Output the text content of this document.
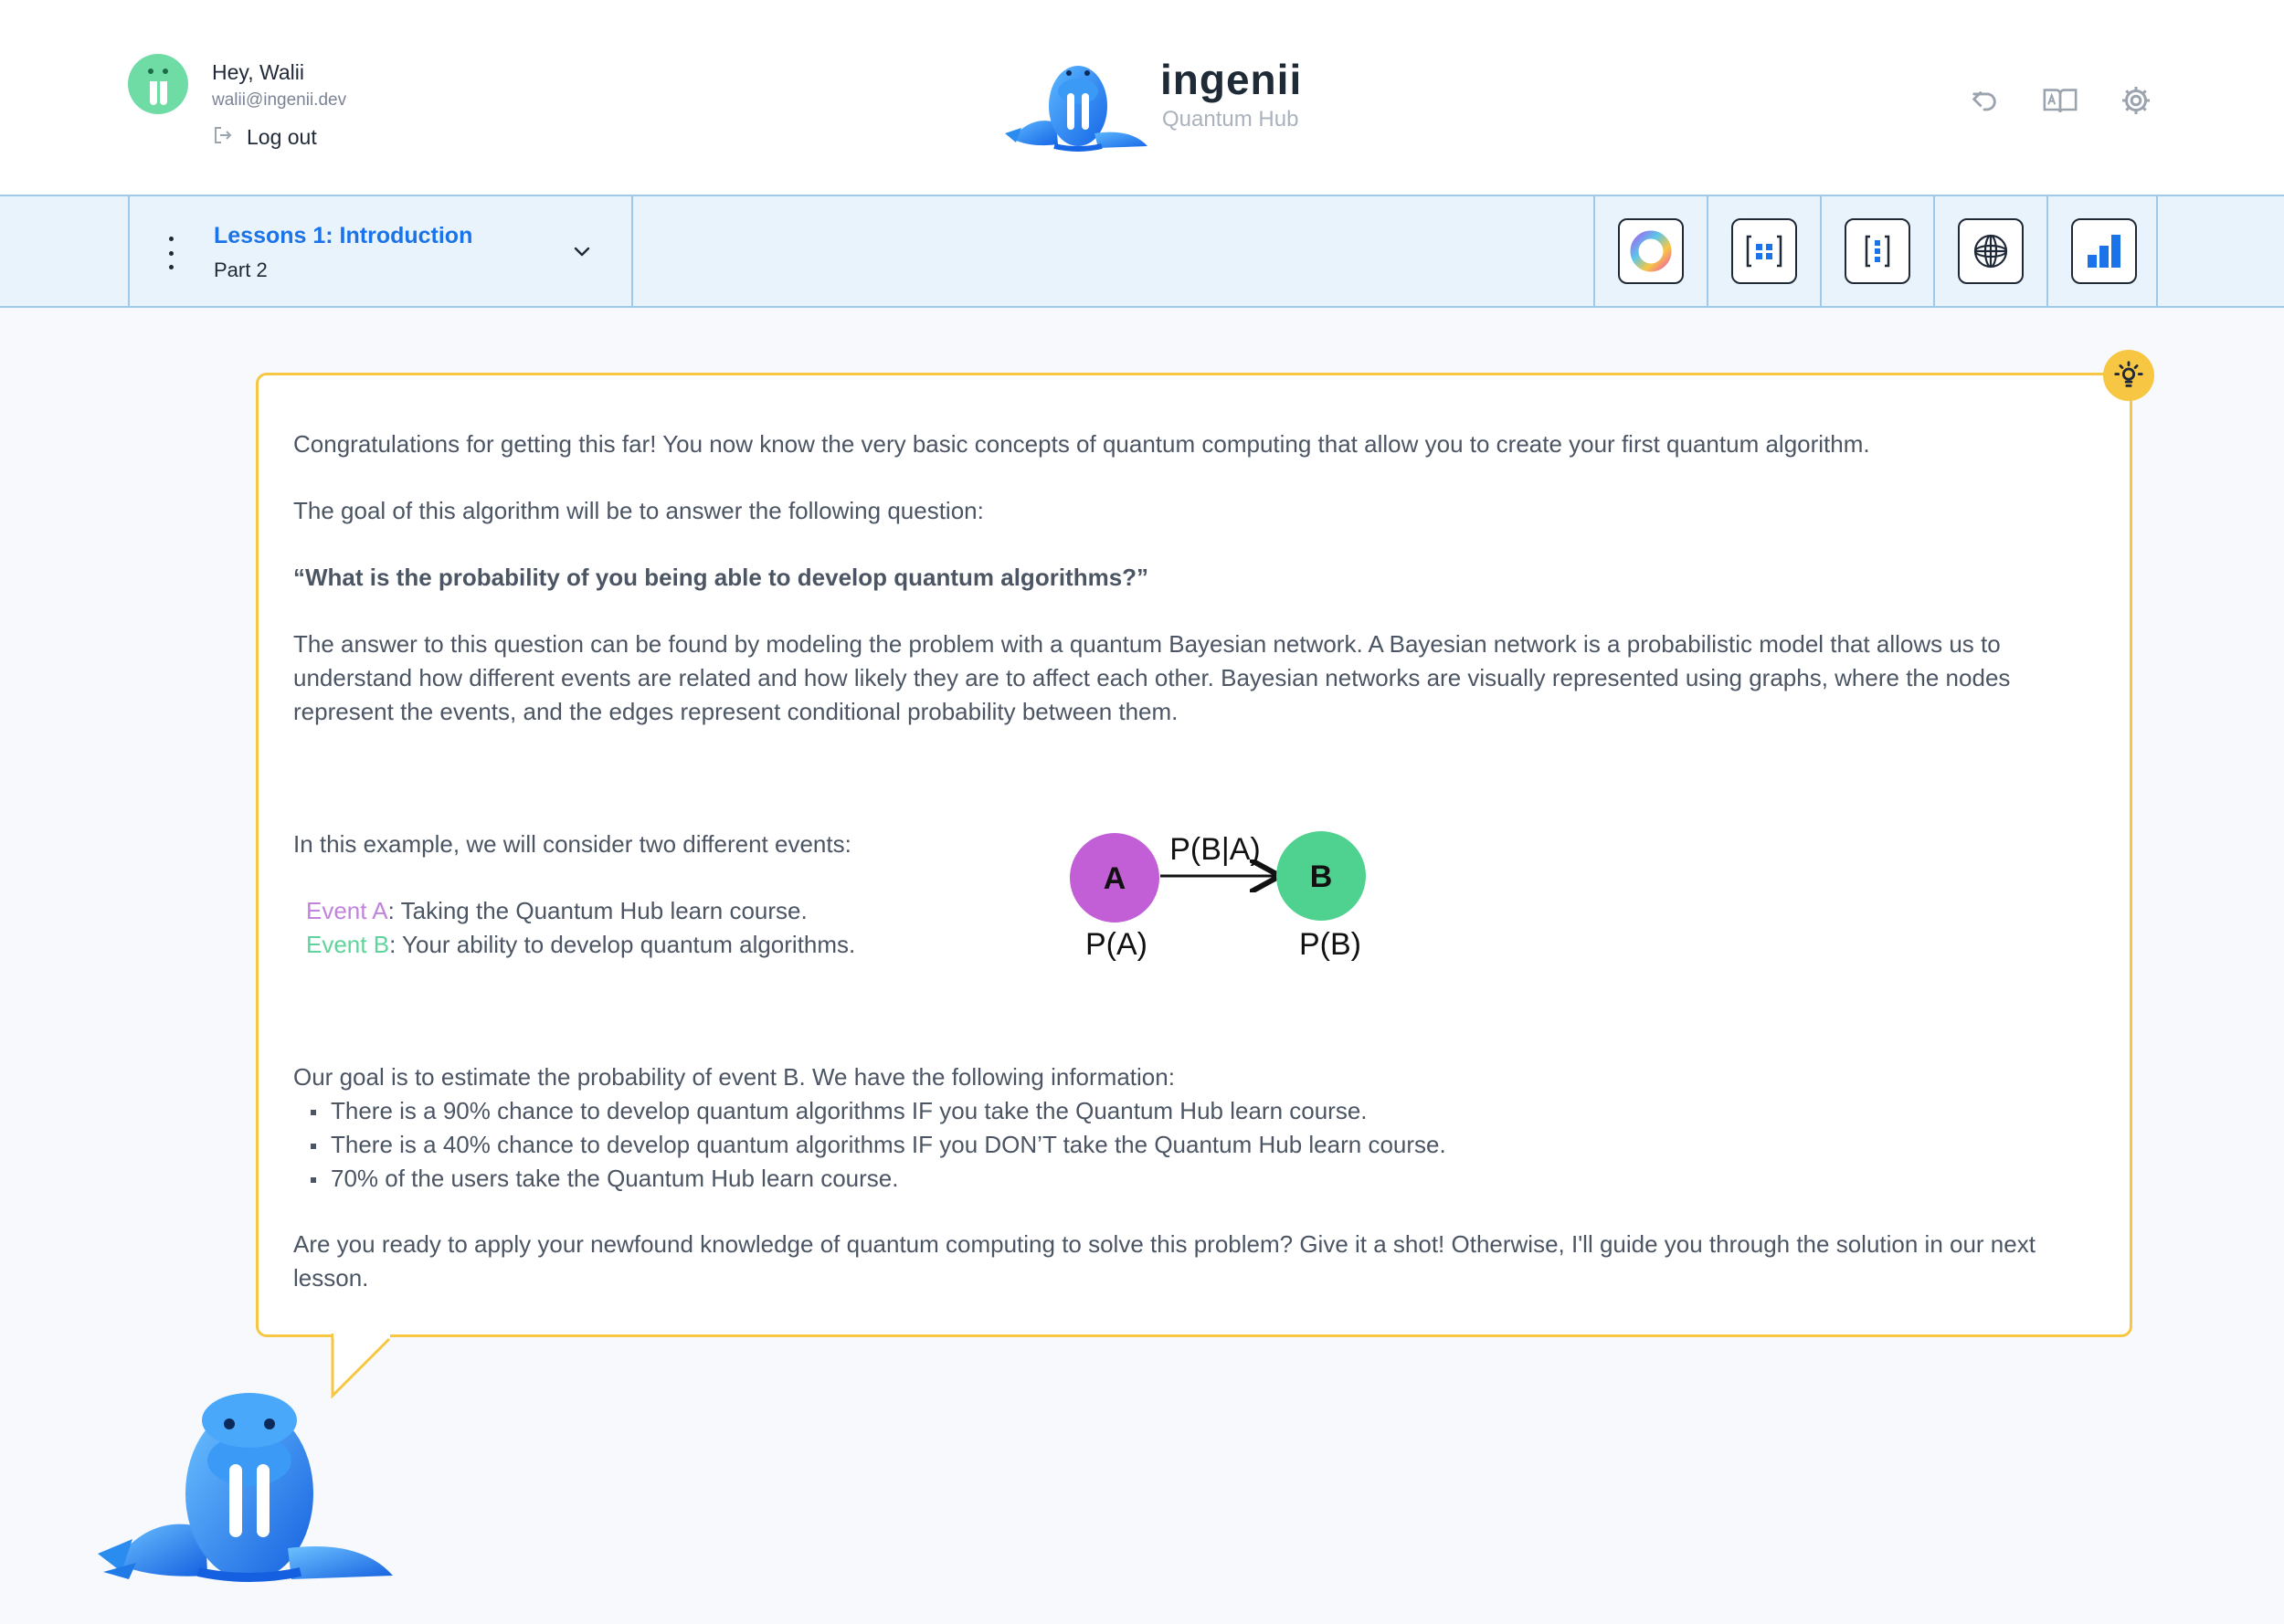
Hey, Walii
walii@ingenii.dev
Log out
ingenii
Quantum Hub
Lessons 1: Introduction
Part 2
Congratulations for getting this far! You now know the very basic concepts of quantum computing that allow you to create your first quantum algorithm.
The goal of this algorithm will be to answer the following question:
“What is the probability of you being able to develop quantum algorithms?”
The answer to this question can be found by modeling the problem with a quantum Bayesian network. A Bayesian network is a probabilistic model that allows us to understand how different events are related and how likely they are to affect each other. Bayesian networks are visually represented using graphs, where the nodes represent the events, and the edges represent conditional probability between them.
In this example, we will consider two different events:
Event A: Taking the Quantum Hub learn course.
Event B: Your ability to develop quantum algorithms.
A	B
P(B|A)
P(A)	P(B)
Our goal is to estimate the probability of event B. We have the following information:
There is a 90% chance to develop quantum algorithms IF you take the Quantum Hub learn course.
There is a 40% chance to develop quantum algorithms IF you DON’T take the Quantum Hub learn course.
70% of the users take the Quantum Hub learn course.
Are you ready to apply your newfound knowledge of quantum computing to solve this problem? Give it a shot! Otherwise, I'll guide you through the solution in our next lesson.
